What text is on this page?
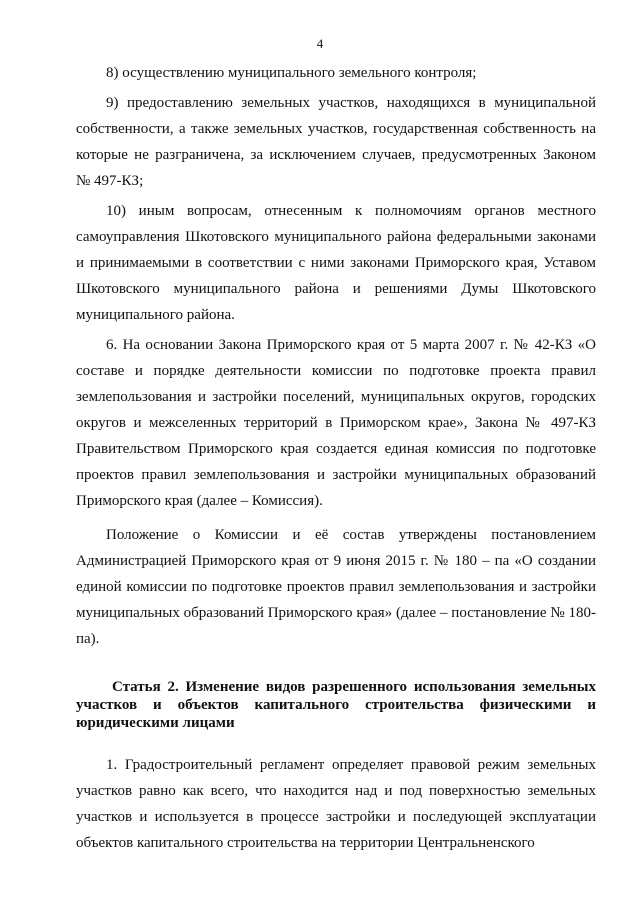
4

8) осуществлению муниципального земельного контроля;

9) предоставлению земельных участков, находящихся в муниципальной собственности, а также земельных участков, государственная собственность на которые не разграничена, за исключением случаев, предусмотренных Законом № 497-КЗ;

10) иным вопросам, отнесенным к полномочиям органов местного самоуправления Шкотовского муниципального района федеральными законами и принимаемыми в соответствии с ними законами Приморского края, Уставом Шкотовского муниципального района и решениями Думы Шкотовского муниципального района.

6. На основании Закона Приморского края от 5 марта 2007 г. № 42-КЗ «О составе и порядке деятельности комиссии по подготовке проекта правил землепользования и застройки поселений, муниципальных округов, городских округов и межселенных территорий в Приморском крае», Закона № 497-КЗ Правительством Приморского края создается единая комиссия по подготовке проектов правил землепользования и застройки муниципальных образований Приморского края (далее – Комиссия).

Положение о Комиссии и её состав утверждены постановлением Администрацией Приморского края от 9 июня 2015 г. № 180 – па «О создании единой комиссии по подготовке проектов правил землепользования и застройки муниципальных образований Приморского края» (далее – постановление № 180-па).

Статья 2. Изменение видов разрешенного использования земельных участков и объектов капитального строительства физическими и юридическими лицами

1. Градостроительный регламент определяет правовой режим земельных участков равно как всего, что находится над и под поверхностью земельных участков и используется в процессе застройки и последующей эксплуатации объектов капитального строительства на территории Центральненского
